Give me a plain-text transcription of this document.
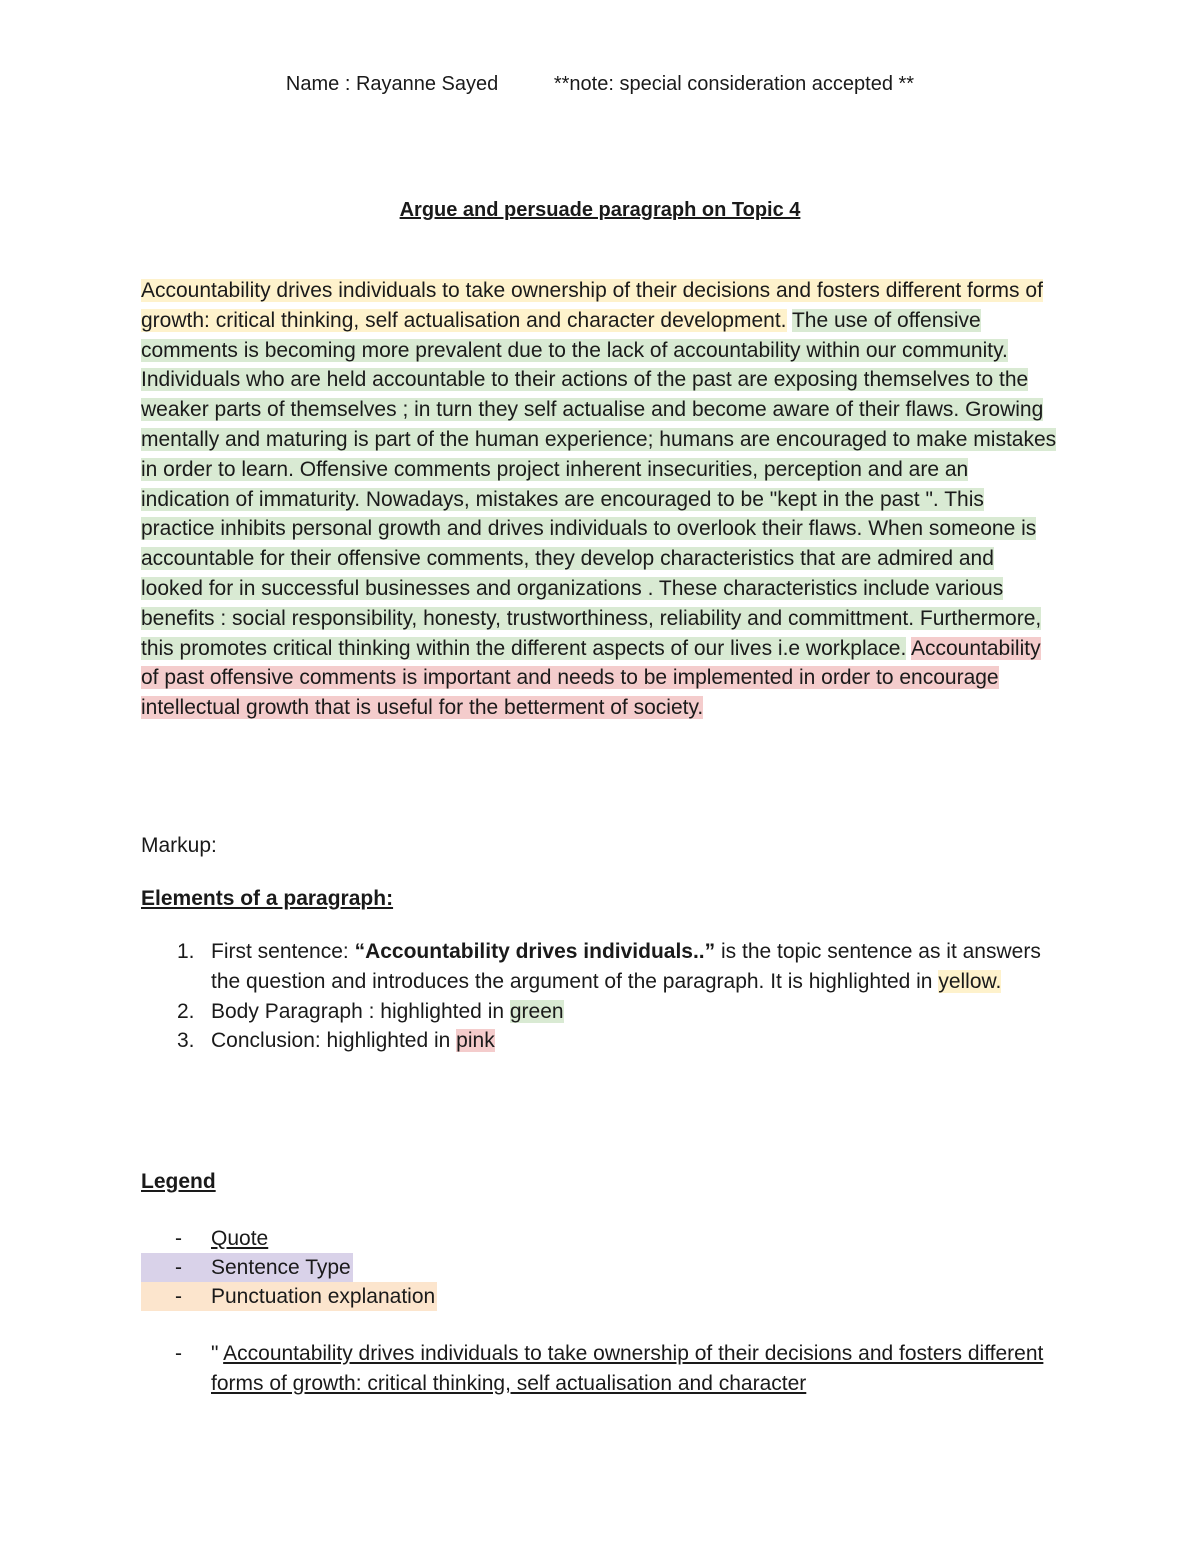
Name : Rayanne Sayed	**note: special consideration accepted **
Argue and persuade paragraph on Topic 4

Accountability drives individuals to take ownership of their decisions and fosters different forms of growth: critical thinking, self actualisation and character development. The use of offensive comments is becoming more prevalent due to the lack of accountability within our community. Individuals who are held accountable to their actions of the past are exposing themselves to the weaker parts of themselves ; in turn they self actualise and become aware of their flaws. Growing mentally and maturing is part of the human experience; humans are encouraged to make mistakes in order to learn. Offensive comments project inherent insecurities, perception and are an indication of immaturity. Nowadays, mistakes are encouraged to be "kept in the past ". This practice inhibits personal growth and drives individuals to overlook their flaws. When someone is accountable for their offensive comments, they develop characteristics that are admired and looked for in successful businesses and organizations . These characteristics include various benefits : social responsibility, honesty, trustworthiness, reliability and committment. Furthermore, this promotes critical thinking within the different aspects of our lives i.e workplace. Accountability of past offensive comments is important and needs to be implemented in order to encourage intellectual growth that is useful for the betterment of society.

Markup:
Elements of a paragraph:
1. First sentence: “Accountability drives individuals..” is the topic sentence as it answers the question and introduces the argument of the paragraph. It is highlighted in yellow.
2. Body Paragraph : highlighted in green
3. Conclusion: highlighted in pink
Legend
- Quote
- Sentence Type
- Punctuation explanation
- " Accountability drives individuals to take ownership of their decisions and fosters different forms of growth: critical thinking, self actualisation and character
